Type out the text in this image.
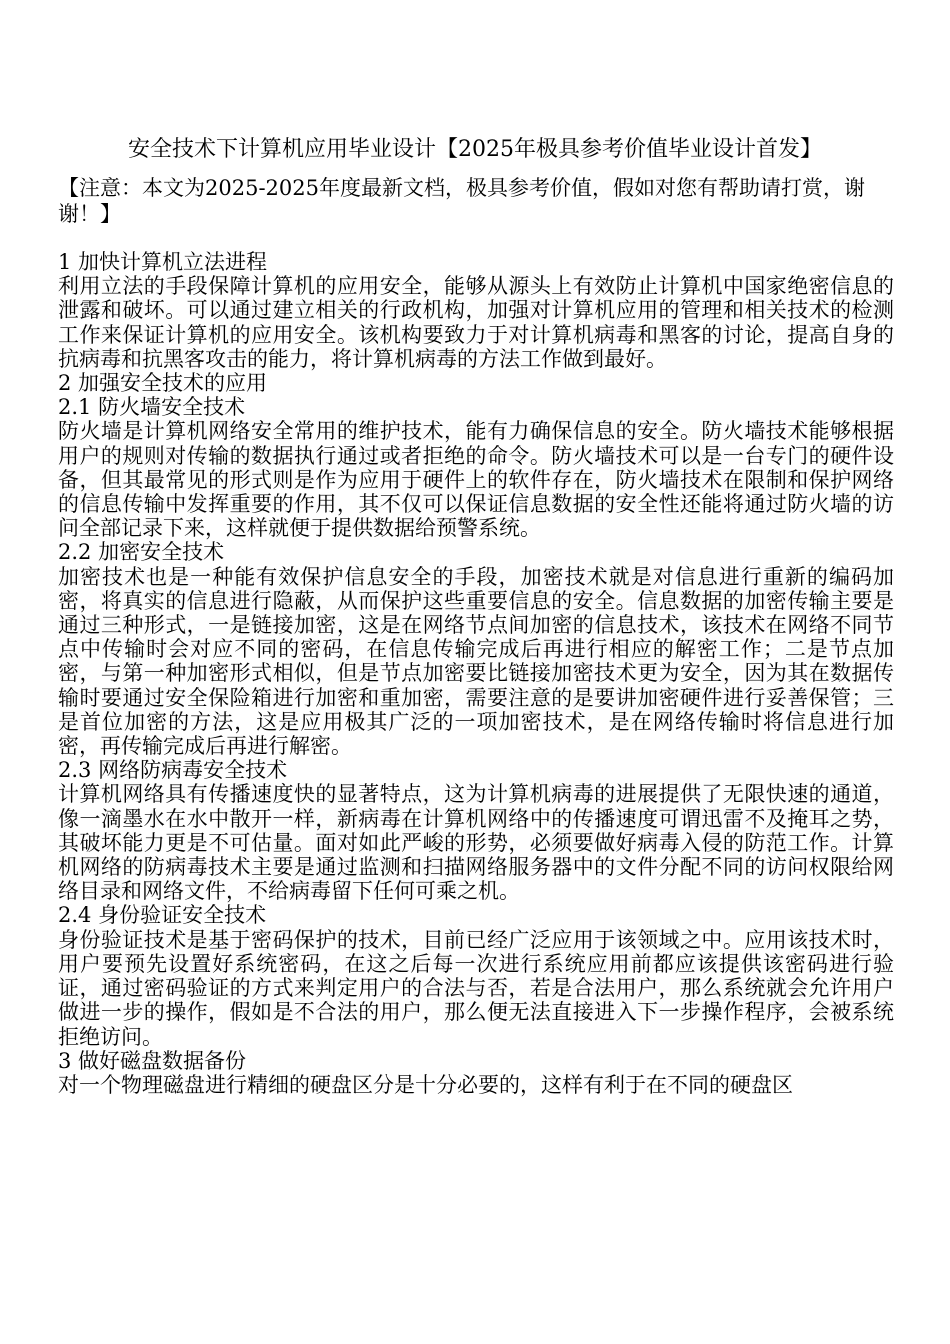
安全技术下计算机应用毕业设计【2025年极具参考价值毕业设计首发】
【注意：本文为2025-2025年度最新文档，极具参考价值，假如对您有帮助请打赏，谢谢！】

1 加快计算机立法进程

利用立法的手段保障计算机的应用安全，能够从源头上有效防止计算机中国家绝密信息的泄露和破坏。可以通过建立相关的行政机构，加强对计算机应用的管理和相关技术的检测工作来保证计算机的应用安全。该机构要致力于对计算机病毒和黑客的讨论，提高自身的抗病毒和抗黑客攻击的能力，将计算机病毒的方法工作做到最好。

2 加强安全技术的应用

2.1 防火墙安全技术

防火墙是计算机网络安全常用的维护技术，能有力确保信息的安全。防火墙技术能够根据用户的规则对传输的数据执行通过或者拒绝的命令。防火墙技术可以是一台专门的硬件设备，但其最常见的形式则是作为应用于硬件上的软件存在，防火墙技术在限制和保护网络的信息传输中发挥重要的作用，其不仅可以保证信息数据的安全性还能将通过防火墙的访问全部记录下来，这样就便于提供数据给预警系统。

2.2 加密安全技术

加密技术也是一种能有效保护信息安全的手段，加密技术就是对信息进行重新的编码加密，将真实的信息进行隐蔽，从而保护这些重要信息的安全。信息数据的加密传输主要是通过三种形式，一是链接加密，这是在网络节点间加密的信息技术，该技术在网络不同节点中传输时会对应不同的密码，在信息传输完成后再进行相应的解密工作；二是节点加密，与第一种加密形式相似，但是节点加密要比链接加密技术更为安全，因为其在数据传输时要通过安全保险箱进行加密和重加密，需要注意的是要讲加密硬件进行妥善保管；三是首位加密的方法，这是应用极其广泛的一项加密技术，是在网络传输时将信息进行加密，再传输完成后再进行解密。

2.3 网络防病毒安全技术

计算机网络具有传播速度快的显著特点，这为计算机病毒的进展提供了无限快速的通道，像一滴墨水在水中散开一样，新病毒在计算机网络中的传播速度可谓迅雷不及掩耳之势，其破坏能力更是不可估量。面对如此严峻的形势，必须要做好病毒入侵的防范工作。计算机网络的防病毒技术主要是通过监测和扫描网络服务器中的文件分配不同的访问权限给网络目录和网络文件，不给病毒留下任何可乘之机。

2.4 身份验证安全技术

身份验证技术是基于密码保护的技术，目前已经广泛应用于该领域之中。应用该技术时，用户要预先设置好系统密码，在这之后每一次进行系统应用前都应该提供该密码进行验证，通过密码验证的方式来判定用户的合法与否，若是合法用户，那么系统就会允许用户做进一步的操作，假如是不合法的用户，那么便无法直接进入下一步操作程序，会被系统拒绝访问。

3 做好磁盘数据备份

对一个物理磁盘进行精细的硬盘区分是十分必要的，这样有利于在不同的硬盘区
